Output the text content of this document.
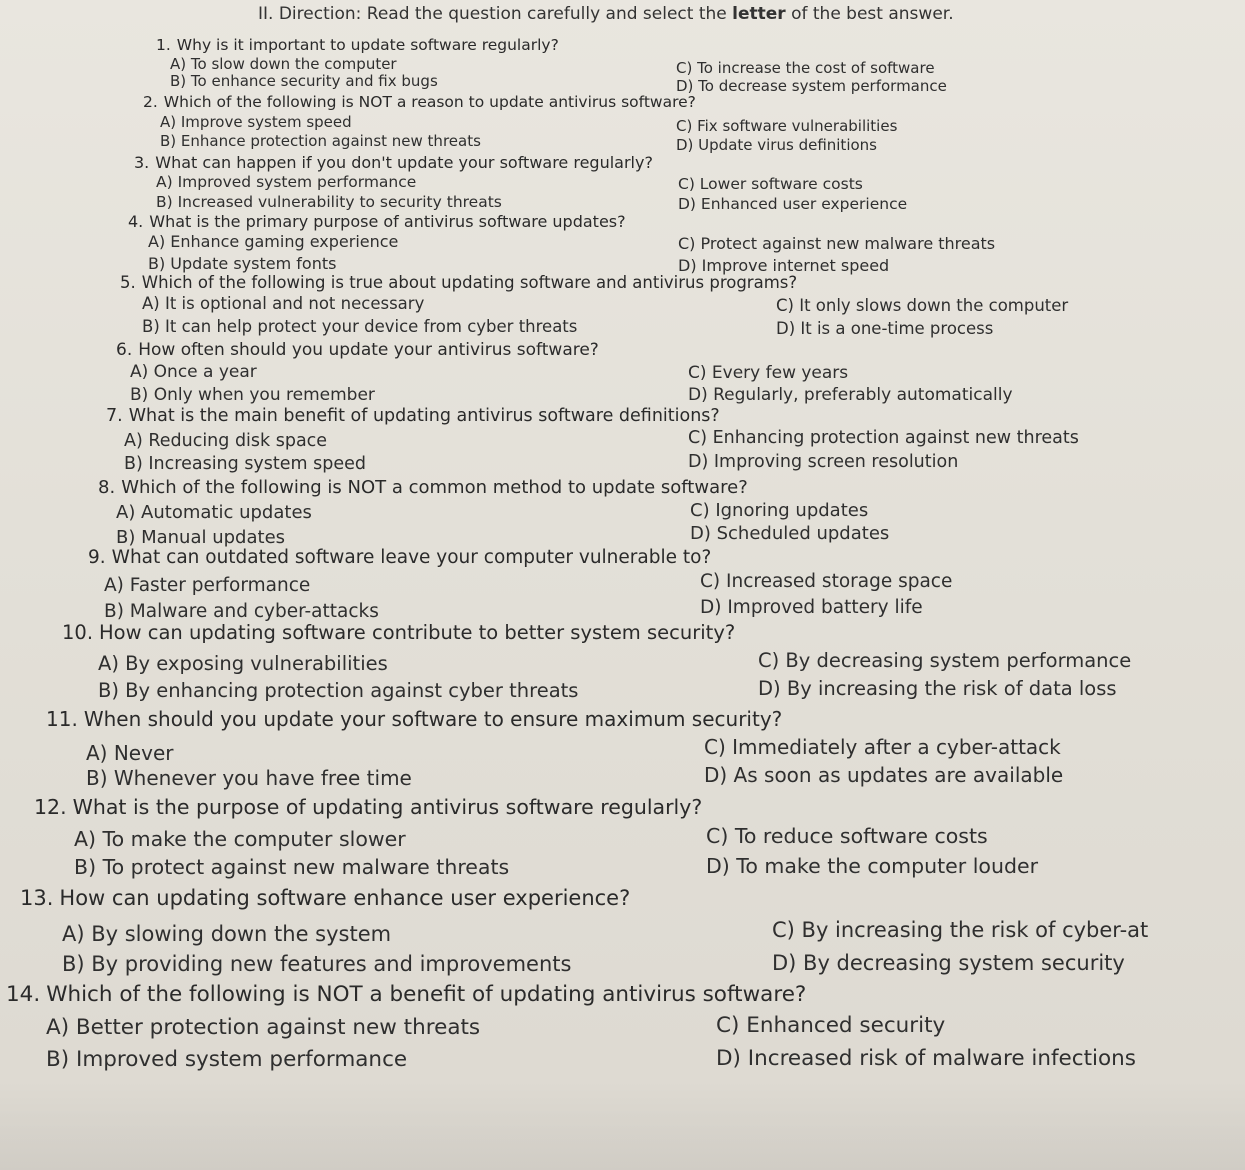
II. Direction: Read the question carefully and select the letter of the best answer.
1. Why is it important to update software regularly?
A) To slow down the computer
B) To enhance security and fix bugs
C) To increase the cost of software
D) To decrease system performance
2. Which of the following is NOT a reason to update antivirus software?
A) Improve system speed
B) Enhance protection against new threats
C) Fix software vulnerabilities
D) Update virus definitions
3. What can happen if you don't update your software regularly?
A) Improved system performance
B) Increased vulnerability to security threats
C) Lower software costs
D) Enhanced user experience
4. What is the primary purpose of antivirus software updates?
A) Enhance gaming experience
B) Update system fonts
C) Protect against new malware threats
D) Improve internet speed
5. Which of the following is true about updating software and antivirus programs?
A) It is optional and not necessary
B) It can help protect your device from cyber threats
C) It only slows down the computer
D) It is a one-time process
6. How often should you update your antivirus software?
A) Once a year
B) Only when you remember
C) Every few years
D) Regularly, preferably automatically
7. What is the main benefit of updating antivirus software definitions?
A) Reducing disk space
B) Increasing system speed
C) Enhancing protection against new threats
D) Improving screen resolution
8. Which of the following is NOT a common method to update software?
A) Automatic updates
B) Manual updates
C) Ignoring updates
D) Scheduled updates
9. What can outdated software leave your computer vulnerable to?
A) Faster performance
B) Malware and cyber-attacks
C) Increased storage space
D) Improved battery life
10. How can updating software contribute to better system security?
A) By exposing vulnerabilities
B) By enhancing protection against cyber threats
C) By decreasing system performance
D) By increasing the risk of data loss
11. When should you update your software to ensure maximum security?
A) Never
B) Whenever you have free time
C) Immediately after a cyber-attack
D) As soon as updates are available
12. What is the purpose of updating antivirus software regularly?
A) To make the computer slower
B) To protect against new malware threats
C) To reduce software costs
D) To make the computer louder
13. How can updating software enhance user experience?
A) By slowing down the system
B) By providing new features and improvements
C) By increasing the risk of cyber-at
D) By decreasing system security
14. Which of the following is NOT a benefit of updating antivirus software?
A) Better protection against new threats
B) Improved system performance
C) Enhanced security
D) Increased risk of malware infections
